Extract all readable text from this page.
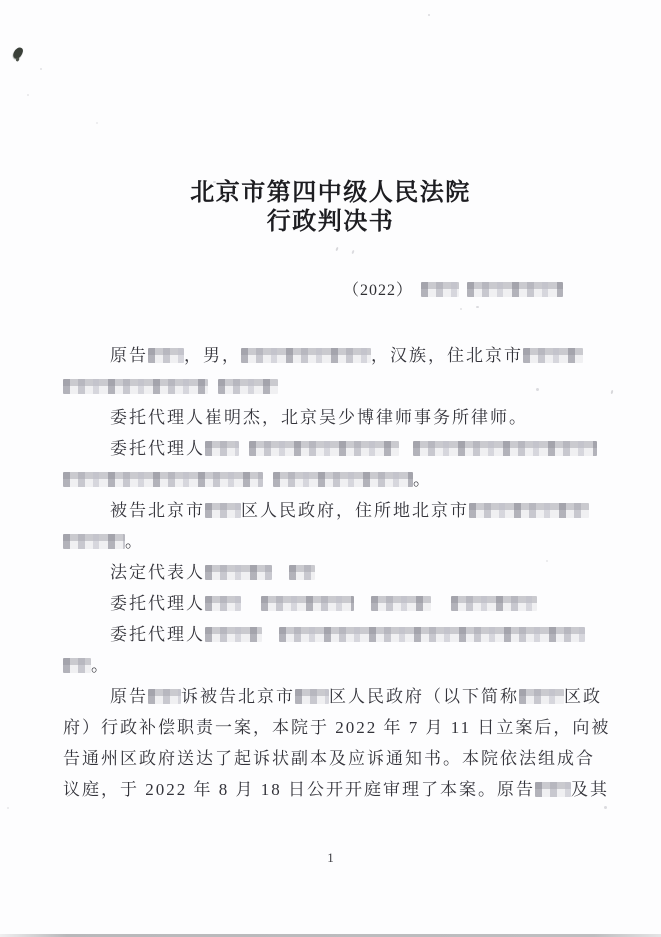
北京市第四中级人民法院
行政判决书
（2022）
原告 ，男，	，汉族，住北京市
委托代理人崔明杰，北京吴少博律师事务所律师。
委托代理人
。
被告北京市 区人民政府，住所地北京市
。
法定代表人
委托代理人
委托代理人
。
原告 诉被告北京市 区人民政府（以下简称	区政
府）行政补偿职责一案，本院于 2022 年 7 月 11 日立案后，向被
告通州区政府送达了起诉状副本及应诉通知书。本院依法组成合
议庭，于 2022 年 8 月 18 日公开开庭审理了本案。原告 及其
1
